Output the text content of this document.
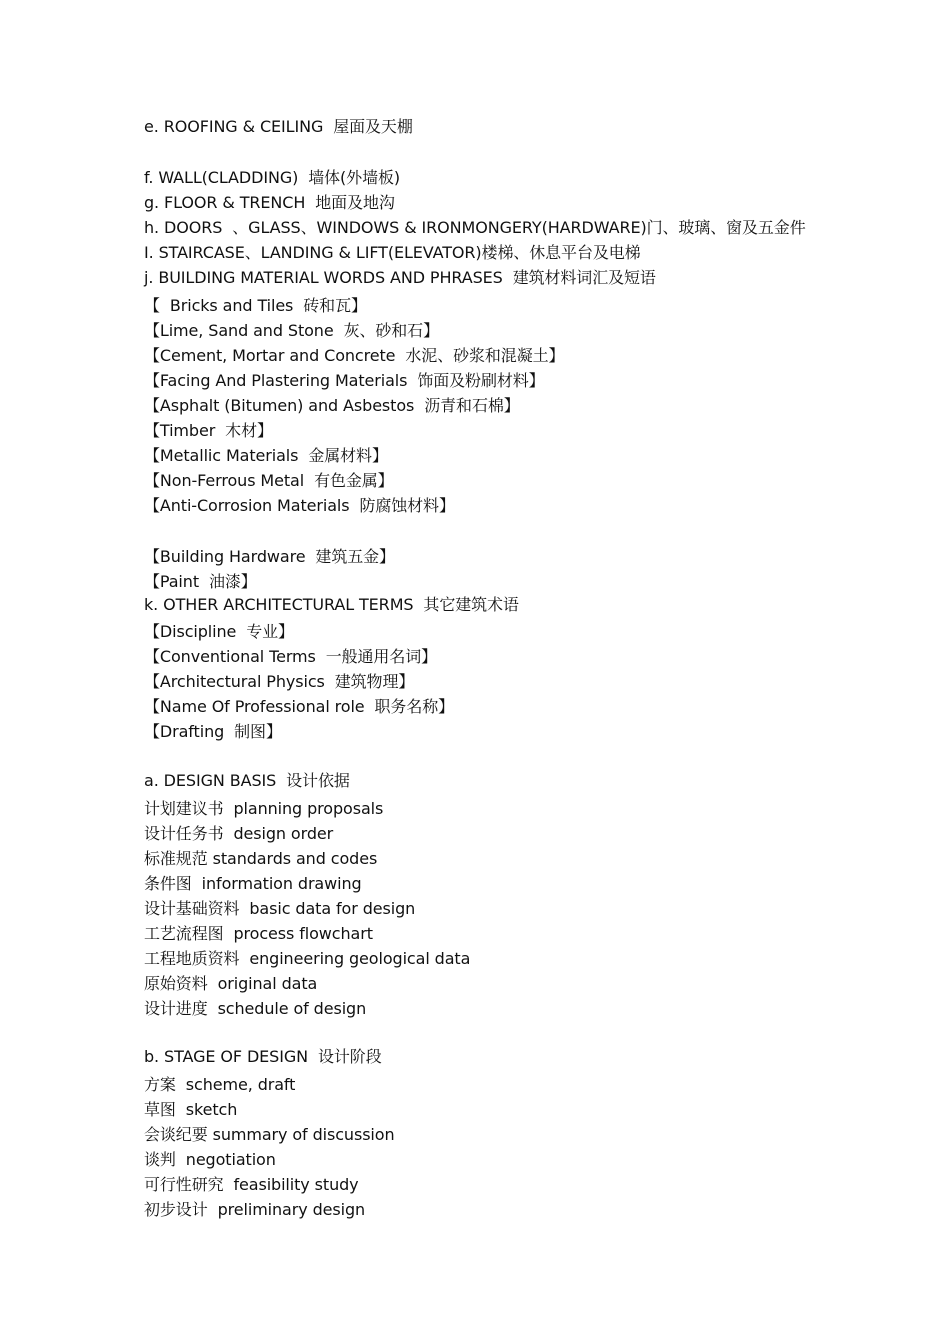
e. ROOFING & CEILING  屋面及天棚
f. WALL(CLADDING)  墙体(外墙板)
g. FLOOR & TRENCH  地面及地沟
h. DOORS  、GLASS、WINDOWS & IRONMONGERY(HARDWARE)门、玻璃、窗及五金件
I. STAIRCASE、LANDING & LIFT(ELEVATOR)楼梯、休息平台及电梯
j. BUILDING MATERIAL WORDS AND PHRASES  建筑材料词汇及短语
【  Bricks and Tiles  砖和瓦】
【Lime, Sand and Stone  灰、砂和石】
【Cement, Mortar and Concrete  水泥、砂浆和混凝土】
【Facing And Plastering Materials  饰面及粉刷材料】
【Asphalt (Bitumen) and Asbestos  沥青和石棉】
【Timber  木材】
【Metallic Materials  金属材料】
【Non-Ferrous Metal  有色金属】
【Anti-Corrosion Materials  防腐蚀材料】
【Building Hardware  建筑五金】
【Paint  油漆】
k. OTHER ARCHITECTURAL TERMS  其它建筑术语
【Discipline  专业】
【Conventional Terms  一般通用名词】
【Architectural Physics  建筑物理】
【Name Of Professional role  职务名称】
【Drafting  制图】
a. DESIGN BASIS  设计依据
计划建议书  planning proposals
设计任务书  design order
标准规范 standards and codes
条件图  information drawing
设计基础资料  basic data for design
工艺流程图  process flowchart
工程地质资料  engineering geological data
原始资料  original data
设计进度  schedule of design
b. STAGE OF DESIGN  设计阶段
方案  scheme, draft
草图  sketch
会谈纪要 summary of discussion
谈判  negotiation
可行性研究  feasibility study
初步设计  preliminary design
